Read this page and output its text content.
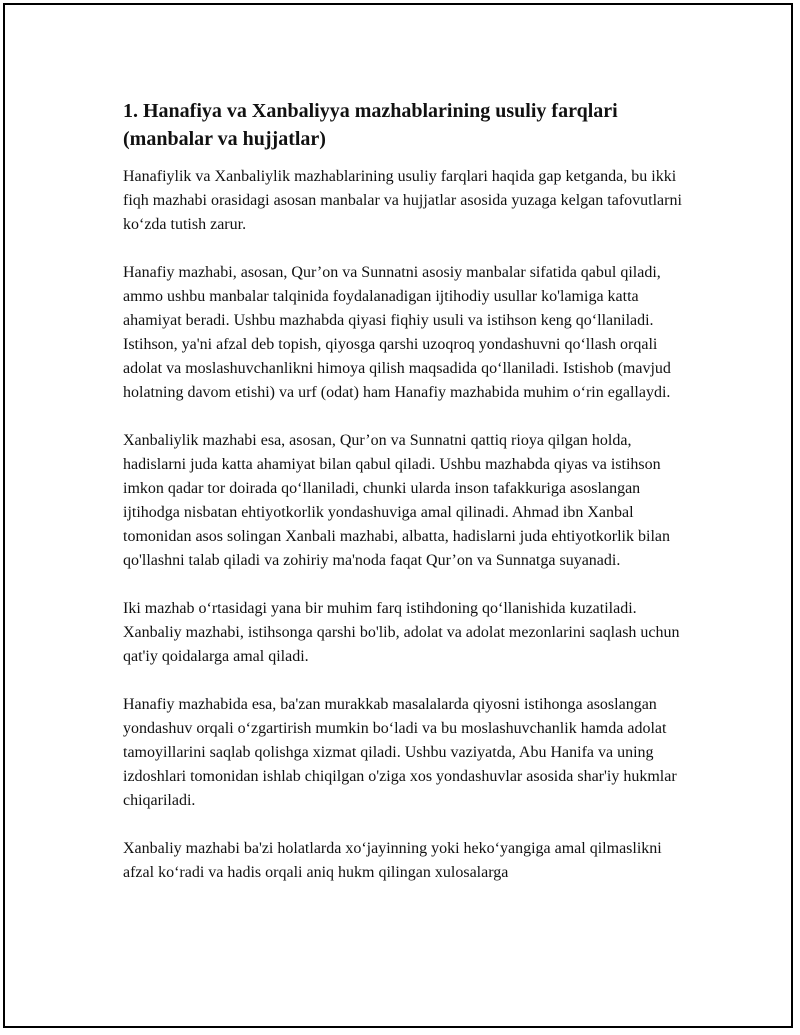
1. Hanafiya va Xanbaliyya mazhablarining usuliy farqlari (manbalar va hujjatlar)

Hanafiylik va Xanbaliylik mazhablarining usuliy farqlari haqida gap ketganda, bu ikki fiqh mazhabi orasidagi asosan manbalar va hujjatlar asosida yuzaga kelgan tafovutlarni ko‘zda tutish zarur.

Hanafiy mazhabi, asosan, Qur’on va Sunnatni asosiy manbalar sifatida qabul qiladi, ammo ushbu manbalar talqinida foydalanadigan ijtihodiy usullar ko'lamiga katta ahamiyat beradi. Ushbu mazhabda qiyasi fiqhiy usuli va istihson keng qo‘llaniladi. Istihson, ya'ni afzal deb topish, qiyosga qarshi uzoqroq yondashuvni qo‘llash orqali adolat va moslashuvchanlikni himoya qilish maqsadida qo‘llaniladi. Istishob (mavjud holatning davom etishi) va urf (odat) ham Hanafiy mazhabida muhim o‘rin egallaydi.

Xanbaliylik mazhabi esa, asosan, Qur’on va Sunnatni qattiq rioya qilgan holda, hadislarni juda katta ahamiyat bilan qabul qiladi. Ushbu mazhabda qiyas va istihson imkon qadar tor doirada qo‘llaniladi, chunki ularda inson tafakkuriga asoslangan ijtihodga nisbatan ehtiyotkorlik yondashuviga amal qilinadi. Ahmad ibn Xanbal tomonidan asos solingan Xanbali mazhabi, albatta, hadislarni juda ehtiyotkorlik bilan qo'llashni talab qiladi va zohiriy ma'noda faqat Qur’on va Sunnatga suyanadi.

Iki mazhab o‘rtasidagi yana bir muhim farq istihdoning qo‘llanishida kuzatiladi. Xanbaliy mazhabi, istihsonga qarshi bo'lib, adolat va adolat mezonlarini saqlash uchun qat'iy qoidalarga amal qiladi.

Hanafiy mazhabida esa, ba'zan murakkab masalalarda qiyosni istihonga asoslangan yondashuv orqali o‘zgartirish mumkin bo‘ladi va bu moslashuvchanlik hamda adolat tamoyillarini saqlab qolishga xizmat qiladi. Ushbu vaziyatda, Abu Hanifa va uning izdoshlari tomonidan ishlab chiqilgan o'ziga xos yondashuvlar asosida shar'iy hukmlar chiqariladi.

Xanbaliy mazhabi ba'zi holatlarda xo‘jayinning yoki heko‘yangiga amal qilmaslikni afzal ko‘radi va hadis orqali aniq hukm qilingan xulosalarga
